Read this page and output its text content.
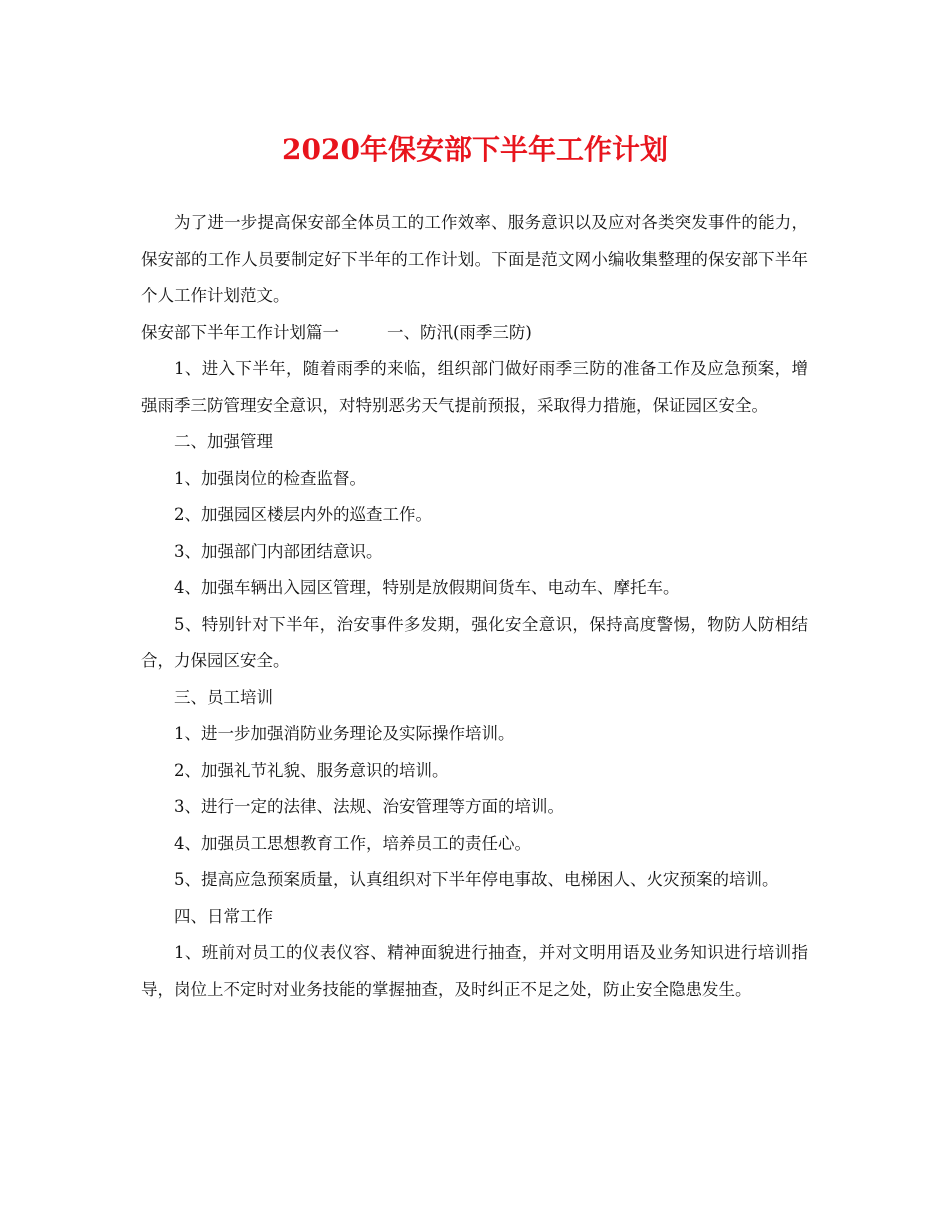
2020年保安部下半年工作计划

为了进一步提高保安部全体员工的工作效率、服务意识以及应对各类突发事件的能力，保安部的工作人员要制定好下半年的工作计划。下面是范文网小编收集整理的保安部下半年个人工作计划范文。

保安部下半年工作计划篇一	一、防汛(雨季三防)

1、进入下半年，随着雨季的来临，组织部门做好雨季三防的准备工作及应急预案，增强雨季三防管理安全意识，对特别恶劣天气提前预报，采取得力措施，保证园区安全。

二、加强管理

1、加强岗位的检查监督。

2、加强园区楼层内外的巡查工作。

3、加强部门内部团结意识。

4、加强车辆出入园区管理，特别是放假期间货车、电动车、摩托车。

5、特别针对下半年，治安事件多发期，强化安全意识，保持高度警惕，物防人防相结合，力保园区安全。

三、员工培训

1、进一步加强消防业务理论及实际操作培训。

2、加强礼节礼貌、服务意识的培训。

3、进行一定的法律、法规、治安管理等方面的培训。

4、加强员工思想教育工作，培养员工的责任心。

5、提高应急预案质量，认真组织对下半年停电事故、电梯困人、火灾预案的培训。

四、日常工作

1、班前对员工的仪表仪容、精神面貌进行抽查，并对文明用语及业务知识进行培训指导，岗位上不定时对业务技能的掌握抽查，及时纠正不足之处，防止安全隐患发生。
